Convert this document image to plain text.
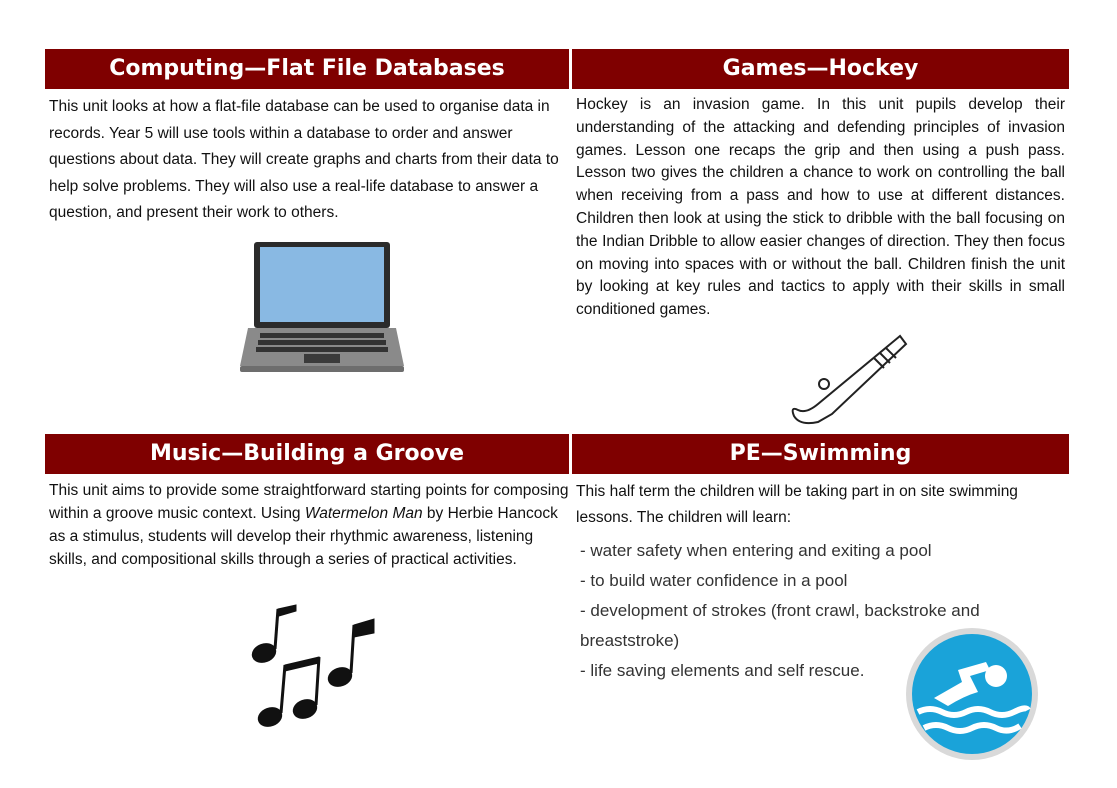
Computing—Flat File Databases
This unit looks at how a flat-file database can be used to organise data in records. Year 5 will use tools within a database to order and answer questions about data. They will create graphs and charts from their data to help solve problems. They will also use a real-life database to answer a question, and present their work to others.
Games—Hockey
Hockey is an invasion game. In this unit pupils develop their understanding of the attacking and defending principles of invasion games. Lesson one recaps the grip and then using a push pass. Lesson two gives the children a chance to work on controlling the ball when receiving from a pass and how to use at different distances. Children then look at using the stick to dribble with the ball focusing on the Indian Dribble to allow easier changes of direction. They then focus on moving into spaces with or without the ball. Children finish the unit by looking at key rules and tactics to apply with their skills in small conditioned games.
Music—Building a Groove
This unit aims to provide some straightforward starting points for composing within a groove music context. Using Watermelon Man by Herbie Hancock as a stimulus, students will develop their rhythmic awareness, listening skills, and compositional skills through a series of practical activities.
PE—Swimming
This half term the children will be taking part in on site swimming lessons. The children will learn:
- water safety when entering and exiting a pool
- to build water confidence in a pool
- development of strokes (front crawl, backstroke and breaststroke)
- life saving elements and self rescue.
